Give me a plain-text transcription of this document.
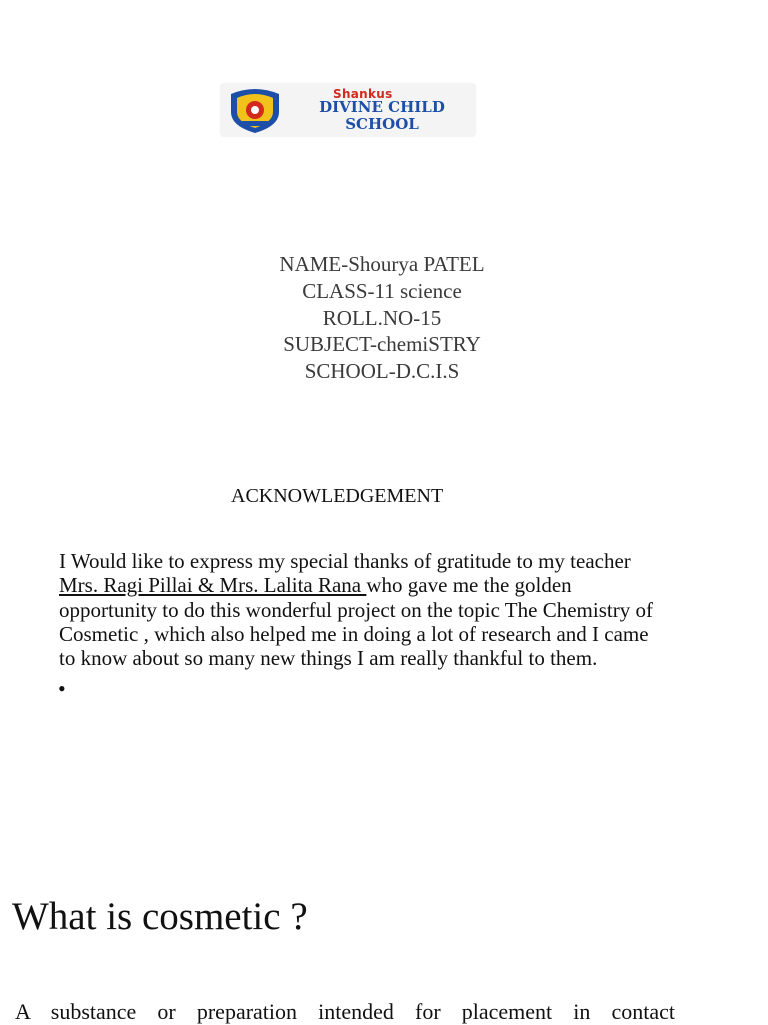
Shankus
DIVINE CHILD
SCHOOL
NAME-Shourya PATEL
CLASS-11 science
ROLL.NO-15
SUBJECT-chemiSTRY
SCHOOL-D.C.I.S
ACKNOWLEDGEMENT
I Would like to express my special thanks of gratitude to my teacher
Mrs. Ragi Pillai & Mrs. Lalita Rana who gave me the golden
opportunity to do this wonderful project on the topic The Chemistry of
Cosmetic , which also helped me in doing a lot of research and I came
to know about so many new things I am really thankful to them.
•
What is cosmetic ?
A substance or preparation intended for placement in contact
